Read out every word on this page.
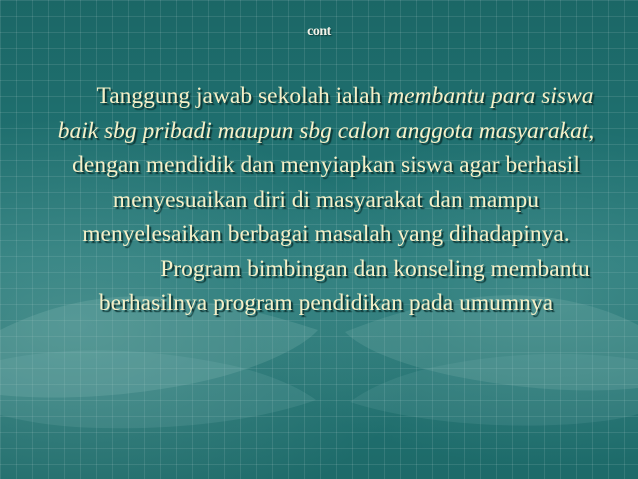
cont

Tanggung jawab sekolah ialah membantu para siswa baik sbg pribadi maupun sbg calon anggota masyarakat, dengan mendidik dan menyiapkan siswa agar berhasil menyesuaikan diri di masyarakat dan mampu menyelesaikan berbagai masalah yang dihadapinya.

Program bimbingan dan konseling membantu berhasilnya program pendidikan pada umumnya
